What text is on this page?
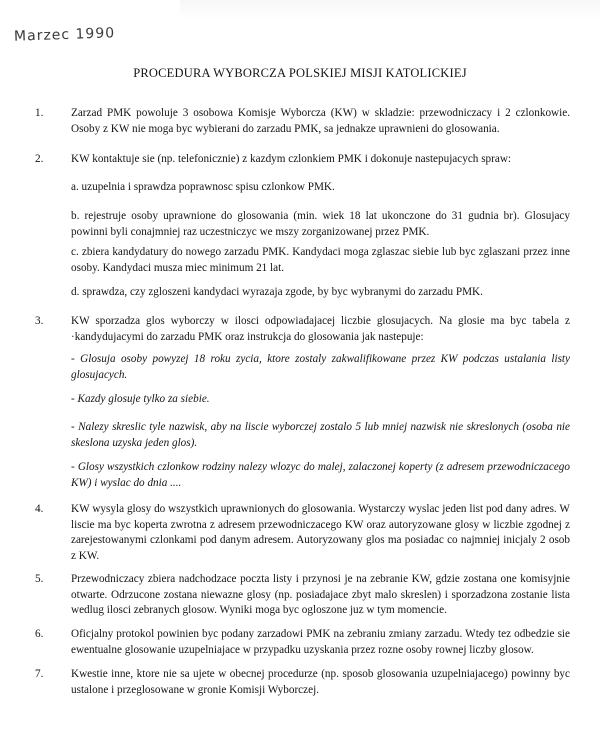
Marzec 1990
PROCEDURA WYBORCZA POLSKIEJ MISJI KATOLICKIEJ
1.	Zarzad PMK powoluje 3 osobowa Komisje Wyborcza (KW) w skladzie: przewodniczacy i 2 czlonkowie. Osoby z KW nie moga byc wybierani do zarzadu PMK, sa jednakze uprawnieni do glosowania.

2.	KW kontaktuje sie (np. telefonicznie) z kazdym czlonkiem PMK i dokonuje nastepujacych spraw:

a. uzupelnia i sprawdza poprawnosc spisu czlonkow PMK.

b. rejestruje osoby uprawnione do glosowania (min. wiek 18 lat ukonczone do 31 gudnia br). Glosujacy powinni byli conajmniej raz uczestniczyc we mszy zorganizowanej przez PMK.

c. zbiera kandydatury do nowego zarzadu PMK. Kandydaci moga zglaszac siebie lub byc zglaszani przez inne osoby. Kandydaci musza miec minimum 21 lat.

d. sprawdza, czy zgloszeni kandydaci wyrazaja zgode, by byc wybranymi do zarzadu PMK.

3.	KW sporzadza glos wyborczy w ilosci odpowiadajacej liczbie glosujacych. Na glosie ma byc tabela z ·kandydujacymi do zarzadu PMK oraz instrukcja do glosowania jak nastepuje:

- Glosuja osoby powyzej 18 roku zycia, ktore zostaly zakwalifikowane przez KW podczas ustalania listy glosujacych.

- Kazdy glosuje tylko za siebie.

- Nalezy skreslic tyle nazwisk, aby na liscie wyborczej zostalo 5 lub mniej nazwisk nie skreslonych (osoba nie skeslona uzyska jeden glos).

- Glosy wszystkich czlonkow rodziny nalezy wlozyc do malej, zalaczonej koperty (z adresem przewodniczacego KW) i wyslac do dnia ....

4.	KW wysyla glosy do wszystkich uprawnionych do glosowania. Wystarczy wyslac jeden list pod dany adres. W liscie ma byc koperta zwrotna z adresem przewodniczacego KW oraz autoryzowane glosy w liczbie zgodnej z zarejestowanymi czlonkami pod danym adresem. Autoryzowany glos ma posiadac co najmniej inicjaly 2 osob z KW.

5.	Przewodniczacy zbiera nadchodzace poczta listy i przynosi je na zebranie KW, gdzie zostana one komisyjnie otwarte. Odrzucone zostana niewazne glosy (np. posiadajace zbyt malo skreslen) i sporzadzona zostanie lista wedlug ilosci zebranych glosow. Wyniki moga byc ogloszone juz w tym momencie.

6.	Oficjalny protokol powinien byc podany zarzadowi PMK na zebraniu zmiany zarzadu. Wtedy tez odbedzie sie ewentualne glosowanie uzupelniajace w przypadku uzyskania przez rozne osoby rownej liczby glosow.

7.	Kwestie inne, ktore nie sa ujete w obecnej procedurze (np. sposob glosowania uzupelniajacego) powinny byc ustalone i przeglosowane w gronie Komisji Wyborczej.
